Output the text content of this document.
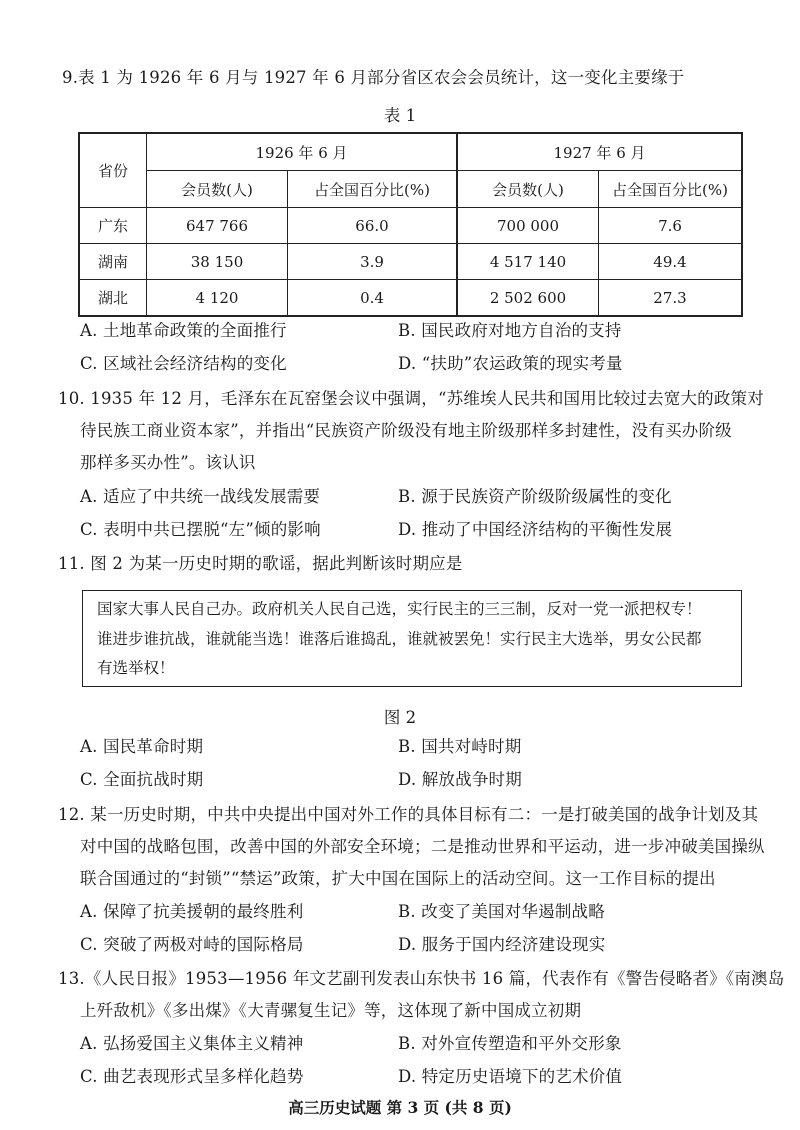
9.表 1 为 1926 年 6 月与 1927 年 6 月部分省区农会会员统计，这一变化主要缘于
表 1
省份	1926 年 6 月		1927 年 6 月	
	会员数(人)	占全国百分比(%)	会员数(人)	占全国百分比(%)
广东	647 766	66.0	700 000	7.6
湖南	38 150	3.9	4 517 140	49.4
湖北	4 120	0.4	2 502 600	27.3
A. 土地革命政策的全面推行	B. 国民政府对地方自治的支持
C. 区域社会经济结构的变化	D. “扶助”农运政策的现实考量
10. 1935 年 12 月，毛泽东在瓦窑堡会议中强调，“苏维埃人民共和国用比较过去宽大的政策对
待民族工商业资本家”，并指出“民族资产阶级没有地主阶级那样多封建性，没有买办阶级
那样多买办性”。该认识
A. 适应了中共统一战线发展需要	B. 源于民族资产阶级阶级属性的变化
C. 表明中共已摆脱“左”倾的影响	D. 推动了中国经济结构的平衡性发展
11. 图 2 为某一历史时期的歌谣，据此判断该时期应是
国家大事人民自己办。政府机关人民自己选，实行民主的三三制，反对一党一派把权专！
谁进步谁抗战，谁就能当选！谁落后谁捣乱，谁就被罢免！实行民主大选举，男女公民都
有选举权！
图 2
A. 国民革命时期	B. 国共对峙时期
C. 全面抗战时期	D. 解放战争时期
12. 某一历史时期，中共中央提出中国对外工作的具体目标有二：一是打破美国的战争计划及其
对中国的战略包围，改善中国的外部安全环境；二是推动世界和平运动，进一步冲破美国操纵
联合国通过的“封锁”“禁运”政策，扩大中国在国际上的活动空间。这一工作目标的提出
A. 保障了抗美援朝的最终胜利	B. 改变了美国对华遏制战略
C. 突破了两极对峙的国际格局	D. 服务于国内经济建设现实
13.《人民日报》1953—1956 年文艺副刊发表山东快书 16 篇，代表作有《警告侵略者》《南澳岛
上歼敌机》《多出煤》《大青骡复生记》等，这体现了新中国成立初期
A. 弘扬爱国主义集体主义精神	B. 对外宣传塑造和平外交形象
C. 曲艺表现形式呈多样化趋势	D. 特定历史语境下的艺术价值
高三历史试题 第 3 页 (共 8 页)
